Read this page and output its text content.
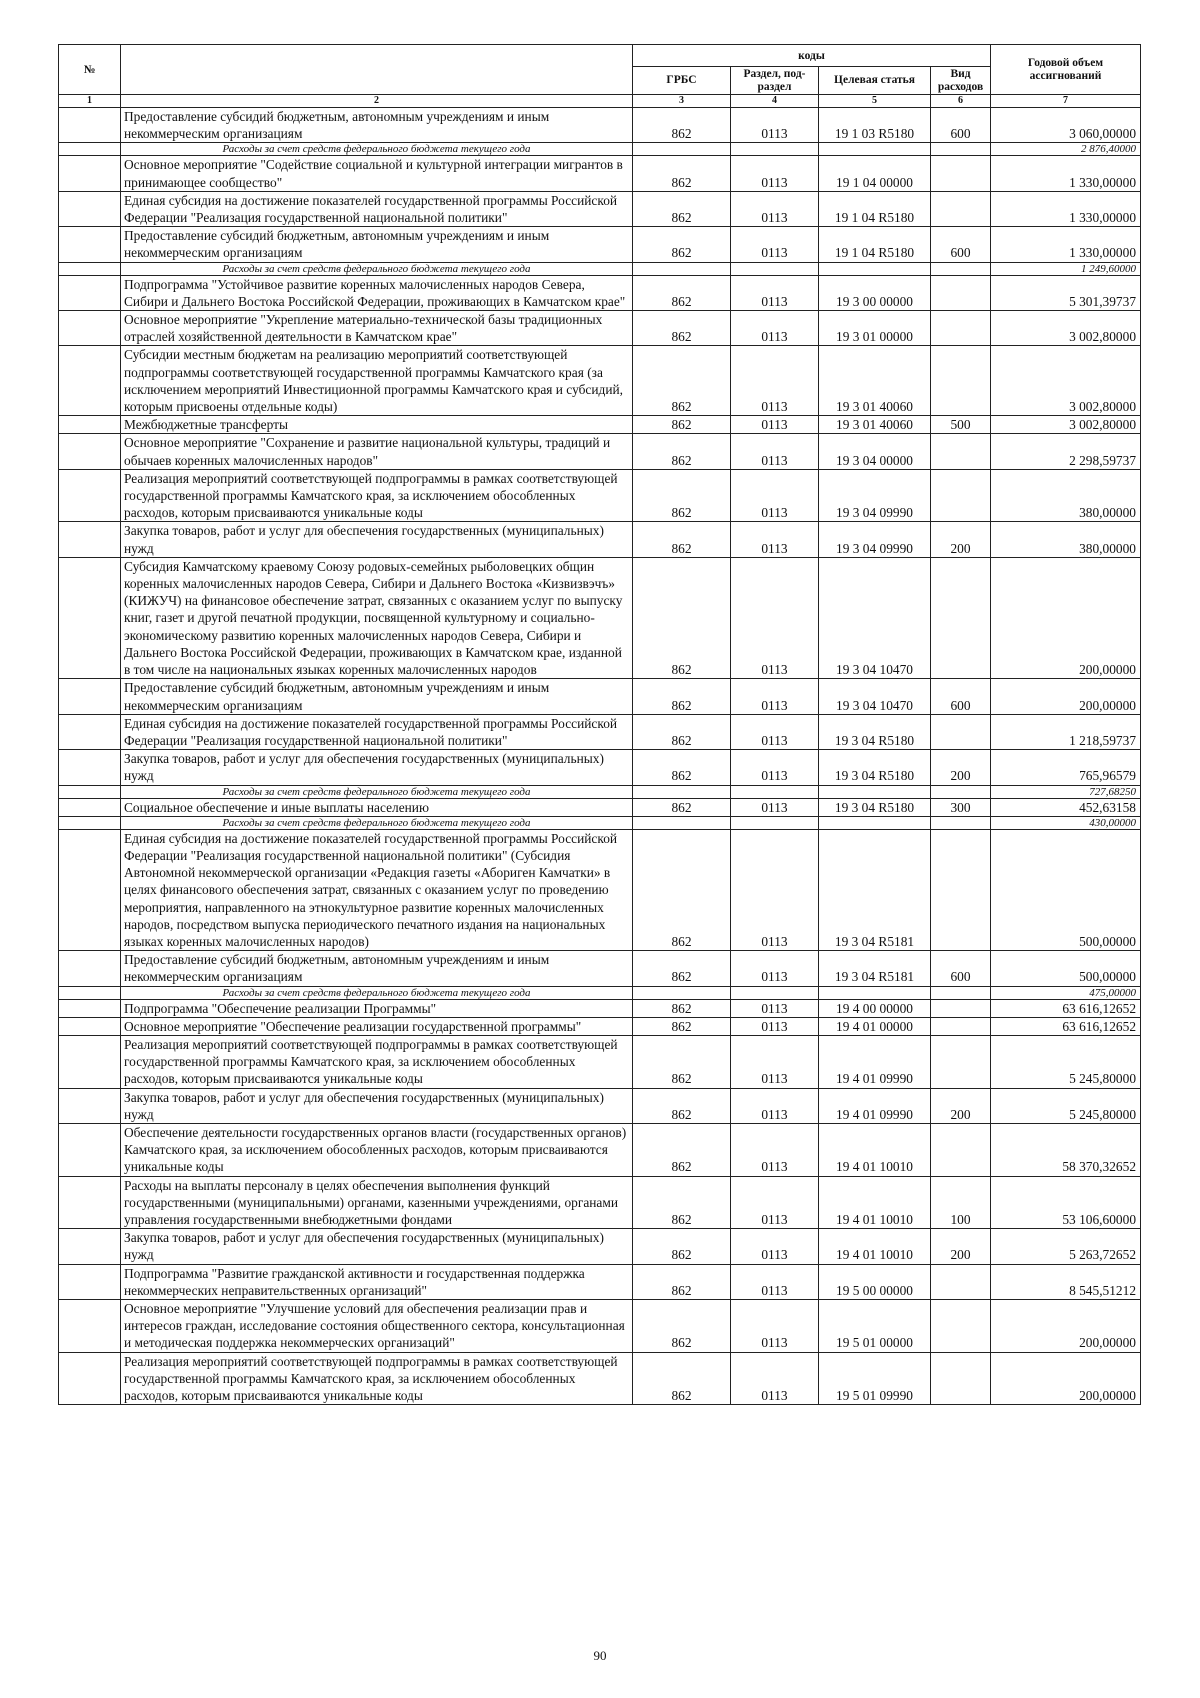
№		коды				Годовой объем ассигнований
		ГРБС	Раздел, под-раздел	Целевая статья	Вид расходов	
1	2	3	4	5	6	7
	Предоставление субсидий бюджетным, автономным учреждениям и иным некоммерческим организациям	862	0113	19 1 03 R5180	600	3 060,00000
	Расходы за счет средств федерального бюджета текущего года					2 876,40000
	Основное мероприятие "Содействие социальной и культурной интеграции мигрантов в принимающее сообщество"	862	0113	19 1 04 00000		1 330,00000
	Единая субсидия на достижение показателей государственной программы Российской Федерации "Реализация государственной национальной политики"	862	0113	19 1 04 R5180		1 330,00000
	Предоставление субсидий бюджетным, автономным учреждениям и иным некоммерческим организациям	862	0113	19 1 04 R5180	600	1 330,00000
	Расходы за счет средств федерального бюджета текущего года					1 249,60000
	Подпрограмма "Устойчивое развитие коренных малочисленных народов Севера, Сибири и Дальнего Востока Российской Федерации, проживающих в Камчатском крае"	862	0113	19 3 00 00000		5 301,39737
	Основное мероприятие "Укрепление материально-технической базы традиционных отраслей хозяйственной деятельности в Камчатском крае"	862	0113	19 3 01 00000		3 002,80000
	Субсидии местным бюджетам на реализацию мероприятий соответствующей подпрограммы соответствующей государственной программы Камчатского края (за исключением мероприятий Инвестиционной программы Камчатского края и субсидий, которым присвоены отдельные коды)	862	0113	19 3 01 40060		3 002,80000
	Межбюджетные трансферты	862	0113	19 3 01 40060	500	3 002,80000
	Основное мероприятие "Сохранение и развитие национальной культуры, традиций и обычаев коренных малочисленных народов"	862	0113	19 3 04 00000		2 298,59737
	Реализация мероприятий соответствующей подпрограммы в рамках соответствующей государственной программы Камчатского края, за исключением обособленных расходов, которым присваиваются уникальные коды	862	0113	19 3 04 09990		380,00000
	Закупка товаров, работ и услуг для обеспечения государственных (муниципальных) нужд	862	0113	19 3 04 09990	200	380,00000
	Субсидия Камчатскому краевому Союзу родовых-семейных рыболовецких общин коренных малочисленных народов Севера, Сибири и Дальнего Востока «Кизвизвэчъ» (КИЖУЧ) на финансовое обеспечение затрат, связанных с оказанием услуг по выпуску книг, газет и другой печатной продукции, посвященной культурному и социально-экономическому развитию коренных малочисленных народов Севера, Сибири и Дальнего Востока Российской Федерации, проживающих в Камчатском крае, изданной в том числе на национальных языках коренных малочисленных народов	862	0113	19 3 04 10470		200,00000
	Предоставление субсидий бюджетным, автономным учреждениям и иным некоммерческим организациям	862	0113	19 3 04 10470	600	200,00000
	Единая субсидия на достижение показателей государственной программы Российской Федерации "Реализация государственной национальной политики"	862	0113	19 3 04 R5180		1 218,59737
	Закупка товаров, работ и услуг для обеспечения государственных (муниципальных) нужд	862	0113	19 3 04 R5180	200	765,96579
	Расходы за счет средств федерального бюджета текущего года					727,68250
	Социальное обеспечение и иные выплаты населению	862	0113	19 3 04 R5180	300	452,63158
	Расходы за счет средств федерального бюджета текущего года					430,00000
	Единая субсидия на достижение показателей государственной программы Российской Федерации "Реализация государственной национальной политики" (Субсидия Автономной некоммерческой организации «Редакция газеты «Абориген Камчатки» в целях финансового обеспечения затрат, связанных с оказанием услуг по проведению мероприятия, направленного на этнокультурное развитие коренных малочисленных народов, посредством выпуска периодического печатного издания на национальных языках коренных малочисленных народов)	862	0113	19 3 04 R5181		500,00000
	Предоставление субсидий бюджетным, автономным учреждениям и иным некоммерческим организациям	862	0113	19 3 04 R5181	600	500,00000
	Расходы за счет средств федерального бюджета текущего года					475,00000
	Подпрограмма "Обеспечение реализации Программы"	862	0113	19 4 00 00000		63 616,12652
	Основное мероприятие "Обеспечение реализации государственной программы"	862	0113	19 4 01 00000		63 616,12652
	Реализация мероприятий соответствующей подпрограммы в рамках соответствующей государственной программы Камчатского края, за исключением обособленных расходов, которым присваиваются уникальные коды	862	0113	19 4 01 09990		5 245,80000
	Закупка товаров, работ и услуг для обеспечения государственных (муниципальных) нужд	862	0113	19 4 01 09990	200	5 245,80000
	Обеспечение деятельности государственных органов власти (государственных органов) Камчатского края, за исключением обособленных расходов, которым присваиваются уникальные коды	862	0113	19 4 01 10010		58 370,32652
	Расходы на выплаты персоналу в целях обеспечения выполнения функций государственными (муниципальными) органами, казенными учреждениями, органами управления государственными внебюджетными фондами	862	0113	19 4 01 10010	100	53 106,60000
	Закупка товаров, работ и услуг для обеспечения государственных (муниципальных) нужд	862	0113	19 4 01 10010	200	5 263,72652
	Подпрограмма "Развитие гражданской активности и государственная поддержка некоммерческих неправительственных организаций"	862	0113	19 5 00 00000		8 545,51212
	Основное мероприятие "Улучшение условий для обеспечения реализации прав и интересов граждан, исследование состояния общественного сектора, консультационная и методическая поддержка некоммерческих организаций"	862	0113	19 5 01 00000		200,00000
	Реализация мероприятий соответствующей подпрограммы в рамках соответствующей государственной программы Камчатского края, за исключением обособленных расходов, которым присваиваются уникальные коды	862	0113	19 5 01 09990		200,00000
90
